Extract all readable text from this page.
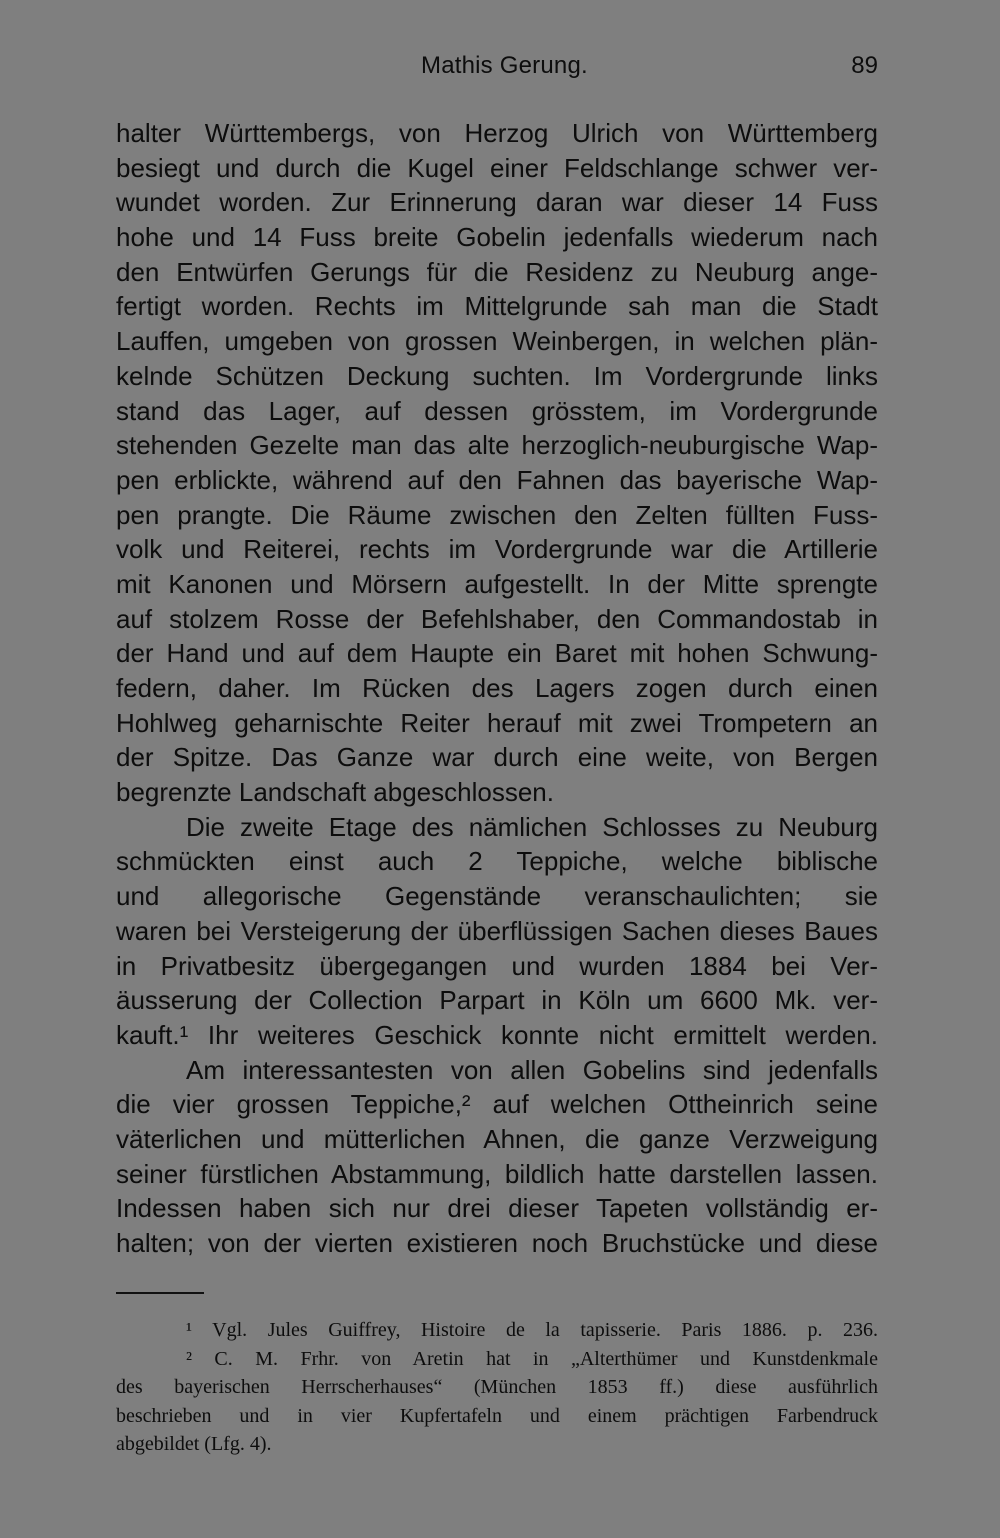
Mathis Gerung.	89
halter Württembergs, von Herzog Ulrich von Württemberg
besiegt und durch die Kugel einer Feldschlange schwer ver-
wundet worden. Zur Erinnerung daran war dieser 14 Fuss
hohe und 14 Fuss breite Gobelin jedenfalls wiederum nach
den Entwürfen Gerungs für die Residenz zu Neuburg ange-
fertigt worden. Rechts im Mittelgrunde sah man die Stadt
Lauffen, umgeben von grossen Weinbergen, in welchen plän-
kelnde Schützen Deckung suchten. Im Vordergrunde links
stand das Lager, auf dessen grösstem, im Vordergrunde
stehenden Gezelte man das alte herzoglich-neuburgische Wap-
pen erblickte, während auf den Fahnen das bayerische Wap-
pen prangte. Die Räume zwischen den Zelten füllten Fuss-
volk und Reiterei, rechts im Vordergrunde war die Artillerie
mit Kanonen und Mörsern aufgestellt. In der Mitte sprengte
auf stolzem Rosse der Befehlshaber, den Commandostab in
der Hand und auf dem Haupte ein Baret mit hohen Schwung-
federn, daher. Im Rücken des Lagers zogen durch einen
Hohlweg geharnischte Reiter herauf mit zwei Trompetern an
der Spitze. Das Ganze war durch eine weite, von Bergen
begrenzte Landschaft abgeschlossen.
Die zweite Etage des nämlichen Schlosses zu Neuburg
schmückten einst auch 2 Teppiche, welche biblische
und allegorische Gegenstände veranschaulichten; sie
waren bei Versteigerung der überflüssigen Sachen dieses Baues
in Privatbesitz übergegangen und wurden 1884 bei Ver-
äusserung der Collection Parpart in Köln um 6600 Mk. ver-
kauft.¹ Ihr weiteres Geschick konnte nicht ermittelt werden.
Am interessantesten von allen Gobelins sind jedenfalls
die vier grossen Teppiche,² auf welchen Ottheinrich seine
väterlichen und mütterlichen Ahnen, die ganze Verzweigung
seiner fürstlichen Abstammung, bildlich hatte darstellen lassen.
Indessen haben sich nur drei dieser Tapeten vollständig er-
halten; von der vierten existieren noch Bruchstücke und diese
¹ Vgl. Jules Guiffrey, Histoire de la tapisserie. Paris 1886. p. 236.
² C. M. Frhr. von Aretin hat in „Alterthümer und Kunstdenkmale
des bayerischen Herrscherhauses“ (München 1853 ff.) diese ausführlich
beschrieben und in vier Kupfertafeln und einem prächtigen Farbendruck
abgebildet (Lfg. 4).
